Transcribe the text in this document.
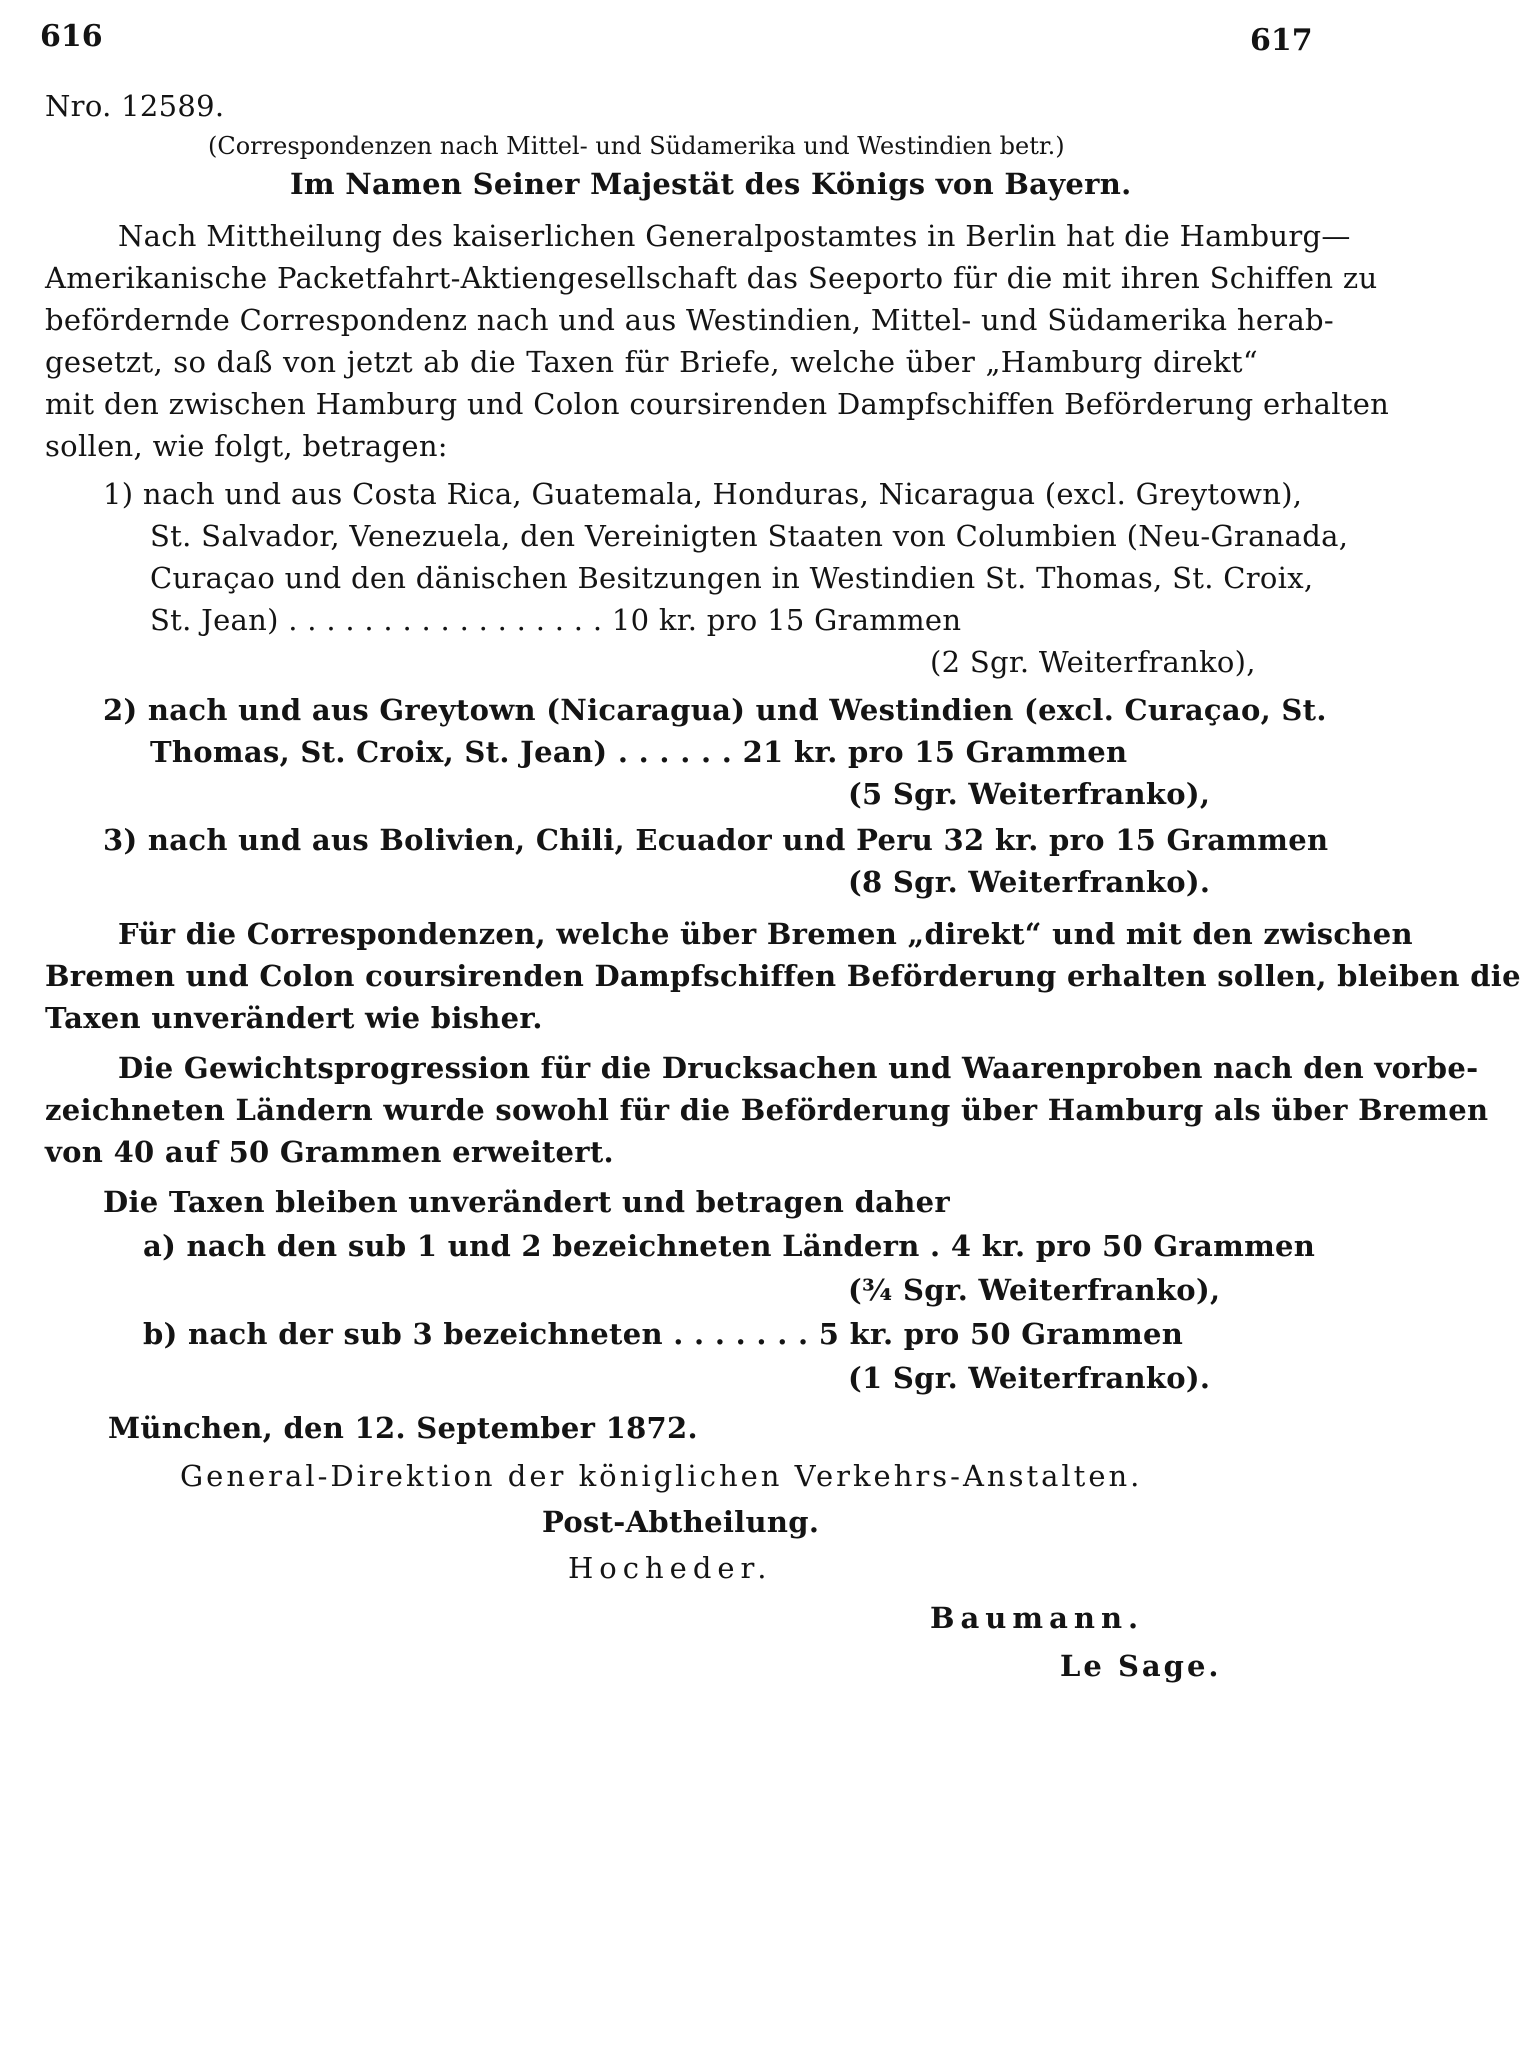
616	617
Nro. 12589.
(Correspondenzen nach Mittel- und Südamerika und Westindien betr.)
Im Namen Seiner Majestät des Königs von Bayern.
Nach Mittheilung des kaiserlichen Generalpostamtes in Berlin hat die Hamburg—
Amerikanische Packetfahrt-Aktiengesellschaft das Seeporto für die mit ihren Schiffen zu
befördernde Correspondenz nach und aus Westindien, Mittel- und Südamerika herab-
gesetzt, so daß von jetzt ab die Taxen für Briefe, welche über „Hamburg direkt“
mit den zwischen Hamburg und Colon coursirenden Dampfschiffen Beförderung erhalten
sollen, wie folgt, betragen:
1) nach und aus Costa Rica, Guatemala, Honduras, Nicaragua (excl. Greytown),
St. Salvador, Venezuela, den Vereinigten Staaten von Columbien (Neu-Granada,
Curaçao und den dänischen Besitzungen in Westindien St. Thomas, St. Croix,
St. Jean) . . . . . . . . . . . . . . . . . 10 kr. pro 15 Grammen
(2 Sgr. Weiterfranko),
2) nach und aus Greytown (Nicaragua) und Westindien (excl. Curaçao, St.
Thomas, St. Croix, St. Jean) . . . . . . 21 kr. pro 15 Grammen
(5 Sgr. Weiterfranko),
3) nach und aus Bolivien, Chili, Ecuador und Peru 32 kr. pro 15 Grammen
(8 Sgr. Weiterfranko).
Für die Correspondenzen, welche über Bremen „direkt“ und mit den zwischen
Bremen und Colon coursirenden Dampfschiffen Beförderung erhalten sollen, bleiben die
Taxen unverändert wie bisher.
Die Gewichtsprogression für die Drucksachen und Waarenproben nach den vorbe-
zeichneten Ländern wurde sowohl für die Beförderung über Hamburg als über Bremen
von 40 auf 50 Grammen erweitert.
Die Taxen bleiben unverändert und betragen daher
a) nach den sub 1 und 2 bezeichneten Ländern . 4 kr. pro 50 Grammen
(¾ Sgr. Weiterfranko),
b) nach der sub 3 bezeichneten . . . . . . . 5 kr. pro 50 Grammen
(1 Sgr. Weiterfranko).
München, den 12. September 1872.
General-Direktion der königlichen Verkehrs-Anstalten.
Post-Abtheilung.
Hocheder.
Baumann.
Le Sage.
